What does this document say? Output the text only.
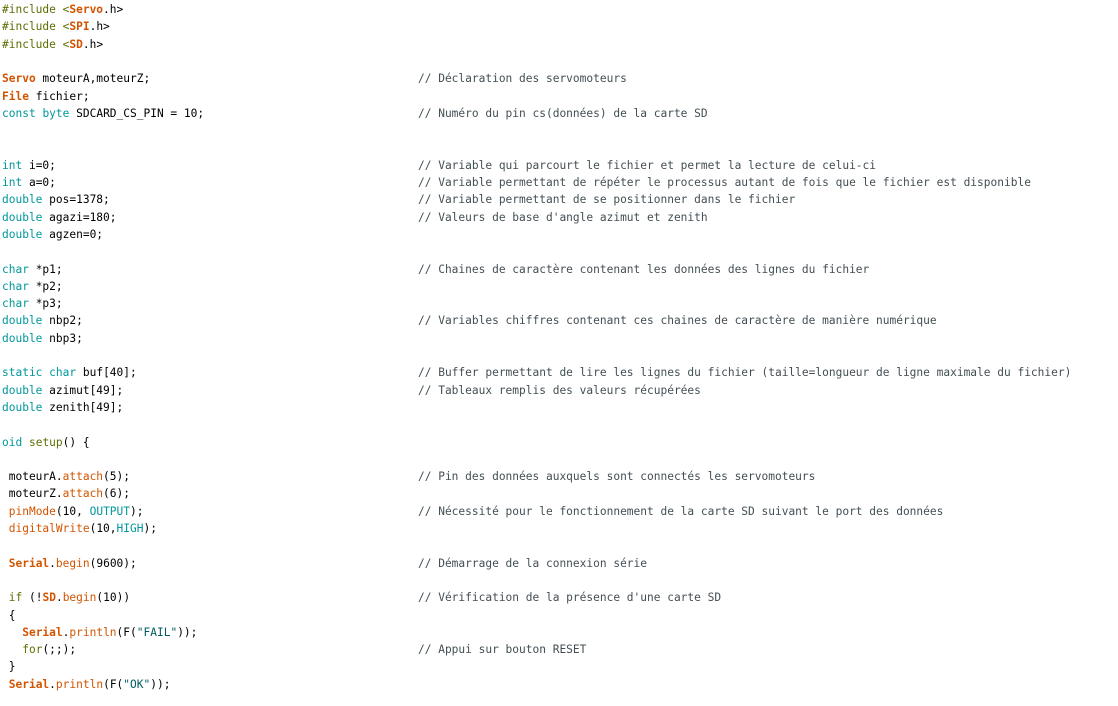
#include <Servo.h>
#include <SPI.h>
#include <SD.h>
Servo moteurA,moteurZ;	// Déclaration des servomoteurs
File fichier;
const byte SDCARD_CS_PIN = 10;	// Numéro du pin cs(données) de la carte SD
int i=0;	// Variable qui parcourt le fichier et permet la lecture de celui-ci
int a=0;	// Variable permettant de répéter le processus autant de fois que le fichier est disponible
double pos=1378;	// Variable permettant de se positionner dans le fichier
double agazi=180;	// Valeurs de base d'angle azimut et zenith
double agzen=0;
char *p1;	// Chaines de caractère contenant les données des lignes du fichier
char *p2;
char *p3;
double nbp2;	// Variables chiffres contenant ces chaines de caractère de manière numérique
double nbp3;
static char buf[40];	// Buffer permettant de lire les lignes du fichier (taille=longueur de ligne maximale du fichier)
double azimut[49];	// Tableaux remplis des valeurs récupérées
double zenith[49];
oid setup() {
moteurA.attach(5);	// Pin des données auxquels sont connectés les servomoteurs
moteurZ.attach(6);
pinMode(10, OUTPUT);	// Nécessité pour le fonctionnement de la carte SD suivant le port des données
digitalWrite(10,HIGH);
Serial.begin(9600);	// Démarrage de la connexion série
if (!SD.begin(10))	// Vérification de la présence d'une carte SD
{
Serial.println(F("FAIL"));
for(;;);	// Appui sur bouton RESET
}
Serial.println(F("OK"));
